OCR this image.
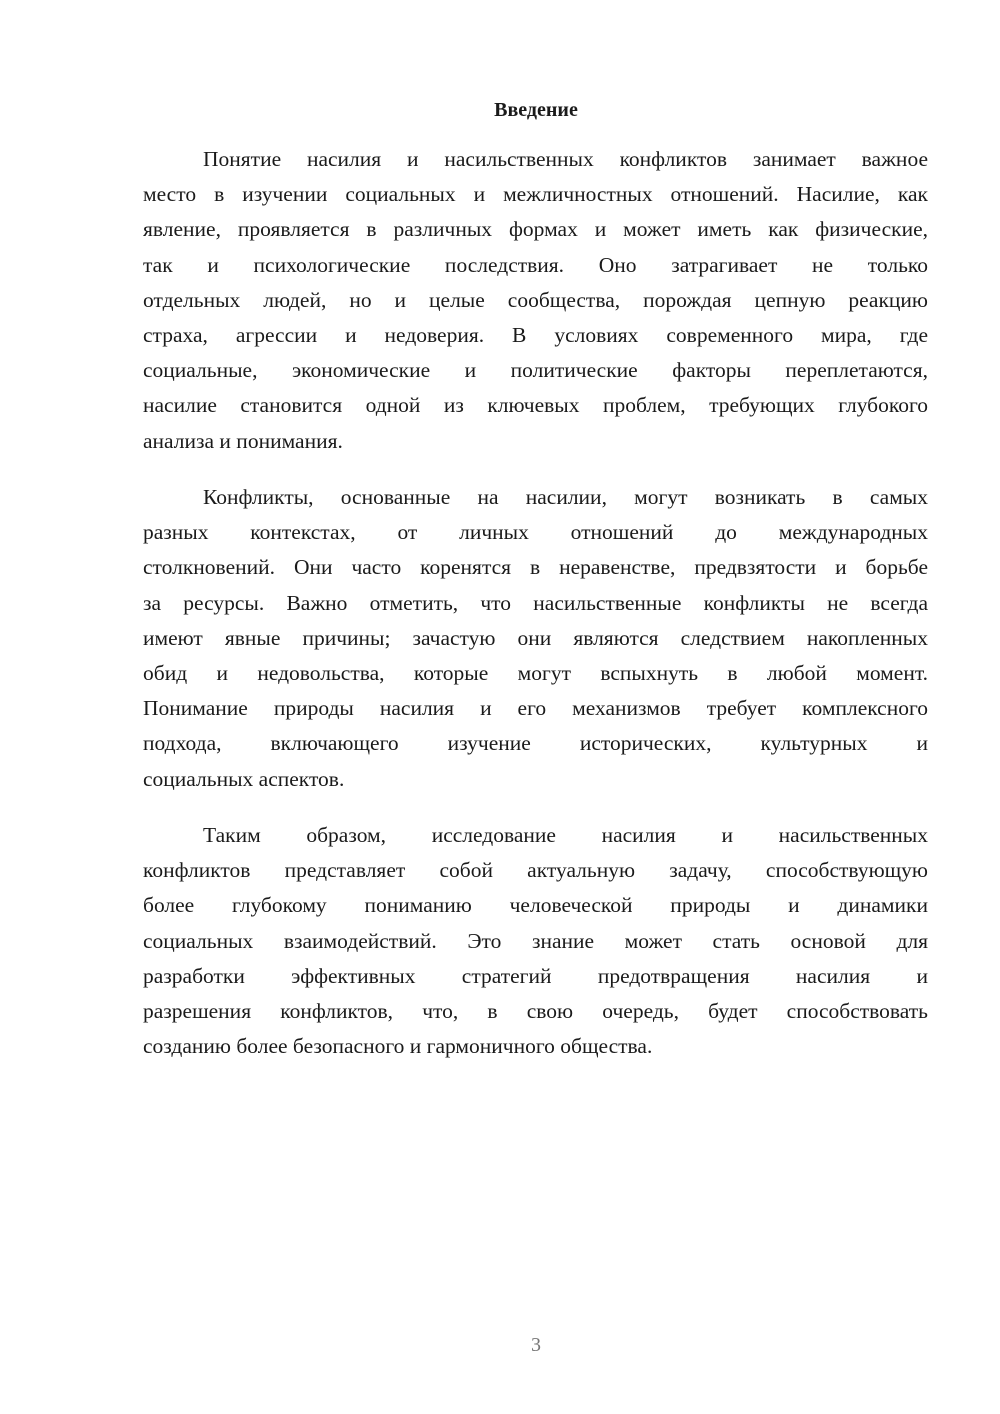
Введение
Понятие насилия и насильственных конфликтов занимает важное
место в изучении социальных и межличностных отношений. Насилие, как
явление, проявляется в различных формах и может иметь как физические,
так и психологические последствия. Оно затрагивает не только
отдельных людей, но и целые сообщества, порождая цепную реакцию
страха, агрессии и недоверия. В условиях современного мира, где
социальные, экономические и политические факторы переплетаются,
насилие становится одной из ключевых проблем, требующих глубокого
анализа и понимания.
Конфликты, основанные на насилии, могут возникать в самых
разных контекстах, от личных отношений до международных
столкновений. Они часто коренятся в неравенстве, предвзятости и борьбе
за ресурсы. Важно отметить, что насильственные конфликты не всегда
имеют явные причины; зачастую они являются следствием накопленных
обид и недовольства, которые могут вспыхнуть в любой момент.
Понимание природы насилия и его механизмов требует комплексного
подхода, включающего изучение исторических, культурных и
социальных аспектов.
Таким образом, исследование насилия и насильственных
конфликтов представляет собой актуальную задачу, способствующую
более глубокому пониманию человеческой природы и динамики
социальных взаимодействий. Это знание может стать основой для
разработки эффективных стратегий предотвращения насилия и
разрешения конфликтов, что, в свою очередь, будет способствовать
созданию более безопасного и гармоничного общества.
3
